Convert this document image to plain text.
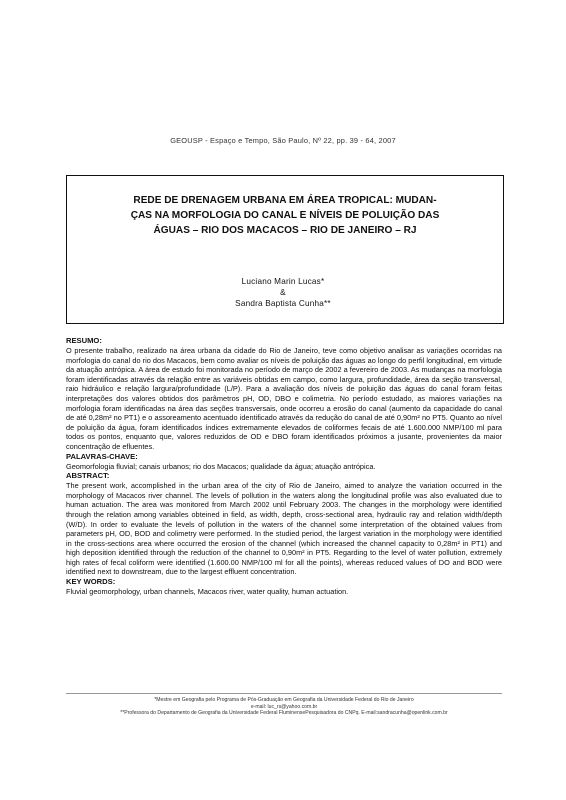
GEOUSP - Espaço e Tempo, São Paulo, Nº 22, pp. 39 - 64, 2007
REDE DE DRENAGEM URBANA EM ÁREA TROPICAL: MUDAN-
ÇAS NA MORFOLOGIA DO CANAL E NÍVEIS DE POLUIÇÃO DAS
ÁGUAS – RIO DOS MACACOS – RIO DE JANEIRO – RJ
Luciano Marin Lucas*
&
Sandra Baptista Cunha**
RESUMO:

O presente trabalho, realizado na área urbana da cidade do Rio de Janeiro, teve como objetivo analisar as variações ocorridas na morfologia do canal do rio dos Macacos, bem como avaliar os níveis de poluição das águas ao longo do perfil longitudinal, em virtude da atuação antrópica. A área de estudo foi monitorada no período de março de 2002 a fevereiro de 2003. As mudanças na morfologia foram identificadas através da relação entre as variáveis obtidas em campo, como largura, profundidade, área da seção transversal, raio hidráulico e relação largura/profundidade (L/P). Para a avaliação dos níveis de poluição das águas do canal foram feitas interpretações dos valores obtidos dos parâmetros pH, OD, DBO e colimetria. No período estudado, as maiores variações na morfologia foram identificadas na área das seções transversais, onde ocorreu a erosão do canal (aumento da capacidade do canal de até 0,28m² no PT1) e o assoreamento acentuado identificado através da redução do canal de até 0,90m² no PT5. Quanto ao nível de poluição da água, foram identificados índices extremamente elevados de coliformes fecais de até 1.600.000 NMP/100 ml para todos os pontos, enquanto que, valores reduzidos de OD e DBO foram identificados próximos a jusante, provenientes da maior concentração de efluentes.

PALAVRAS-CHAVE:

Geomorfologia fluvial; canais urbanos; rio dos Macacos; qualidade da água; atuação antrópica.

ABSTRACT:

The present work, accomplished in the urban area of the city of Rio de Janeiro, aimed to analyze the variation occurred in the morphology of Macacos river channel. The levels of pollution in the waters along the longitudinal profile was also evaluated due to human actuation. The area was monitored from March 2002 until February 2003. The changes in the morphology were identified through the relation among variables obteined in field, as width, depth, cross-sectional area, hydraulic ray and relation width/depth (W/D). In order to evaluate the levels of pollution in the waters of the channel some interpretation of the obtained values from parameters pH, OD, BOD and colimetry were performed. In the studied period, the largest variation in the morphology were identified in the cross-sections area where occurred the erosion of the channel (which increased the channel capacity to 0,28m² in PT1) and high deposition identified through the reduction of the channel to 0,90m² in PT5. Regarding to the level of water pollution, extremely high rates of fecal coliform were identified (1.600.00 NMP/100 ml for all the points), whereas reduced values of DO and BOD were identified next to downstream, due to the largest effluent concentration.

KEY WORDS:

Fluvial geomorphology, urban channels, Macacos river, water quality, human actuation.

*Mestre em Geografia pelo Programa de Pós-Graduação em Geografia da Universidade Federal do Rio de Janeiro
e-mail: luc_rs@yahoo.com.br
**Professora do Departamento de Geografia da Universidade Federal FluminensePesquisadora do CNPq. E-mail:sandracunha@openlink.com.br
